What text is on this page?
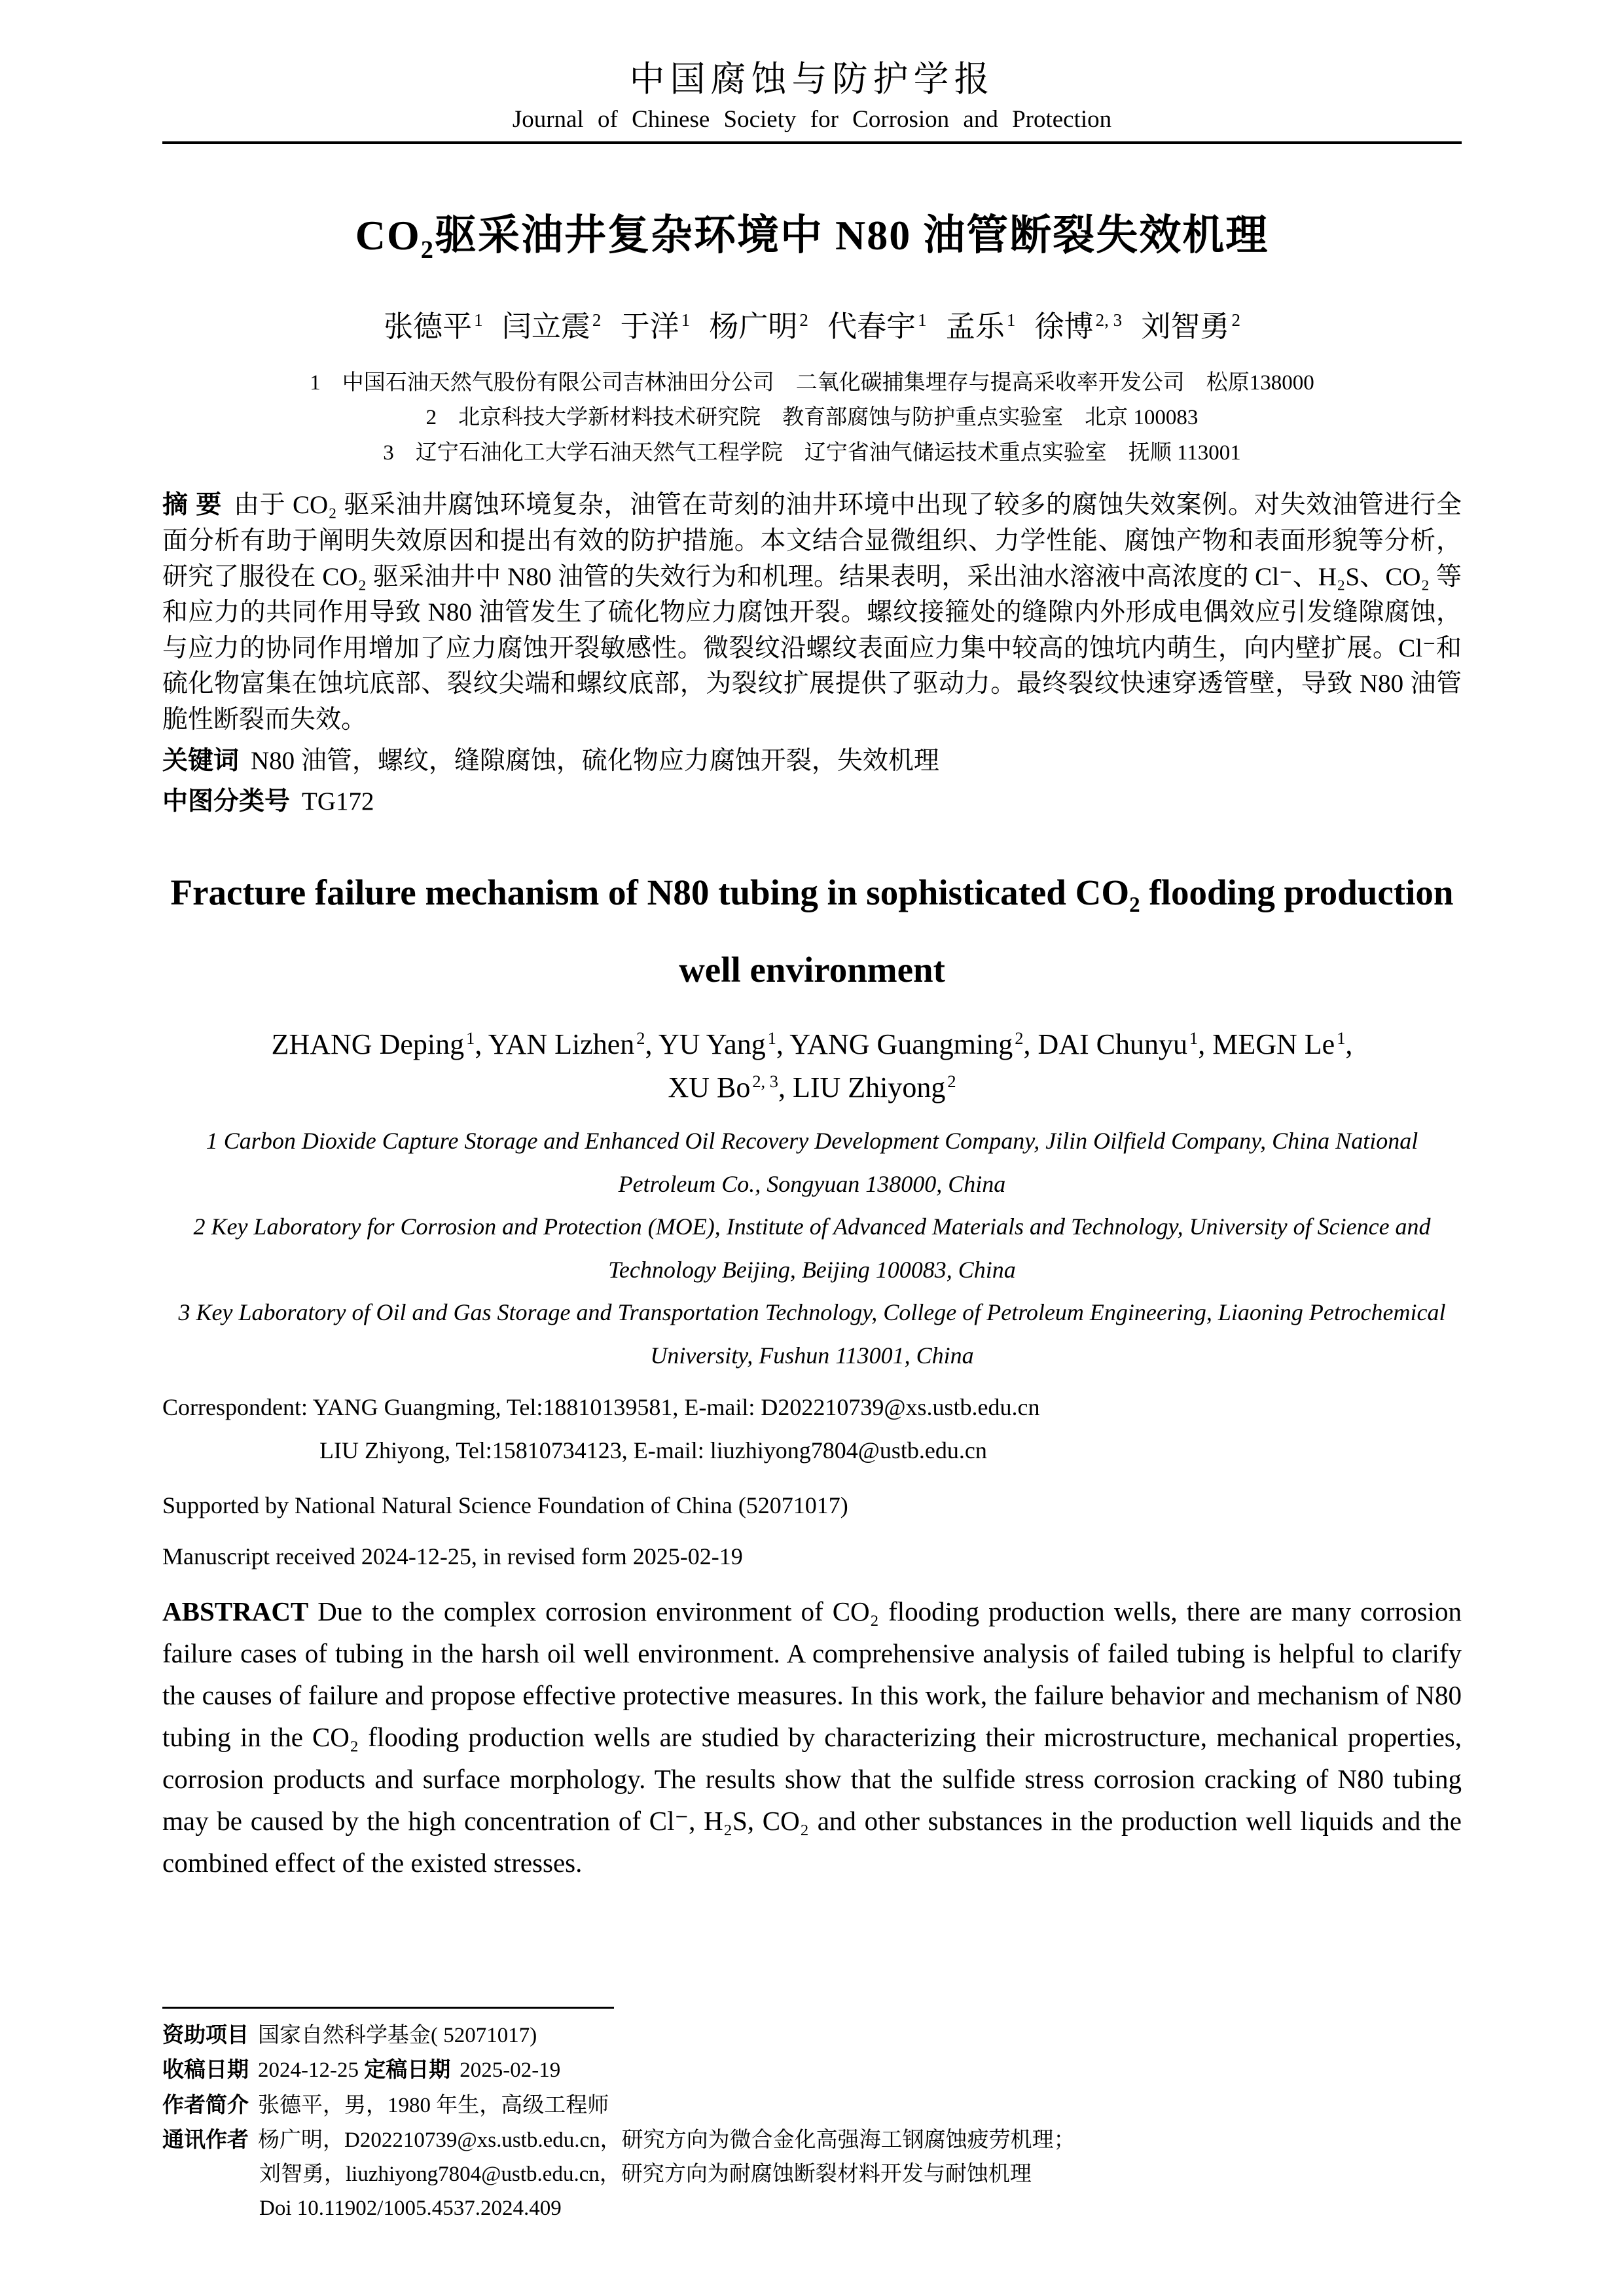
中国腐蚀与防护学报
Journal of Chinese Society for Corrosion and Protection
CO₂驱采油井复杂环境中 N80 油管断裂失效机理
张德平 $^1$ 闫立震 $^2$ 于洋 $^1$ 杨广明 $^2$ 代春宇 $^1$ 孟乐 $^1$ 徐博 $^{2, 3}$ 刘智勇 $^2$
1　中国石油天然气股份有限公司吉林油田分公司　二氧化碳捕集埋存与提高采收率开发公司　松原138000
2　北京科技大学新材料技术研究院　教育部腐蚀与防护重点实验室　北京 100083
3　辽宁石油化工大学石油天然气工程学院　辽宁省油气储运技术重点实验室　抚顺 113001

摘 要 由于 CO₂ 驱采油井腐蚀环境复杂，油管在苛刻的油井环境中出现了较多的腐蚀失效案例。对失效油管进行全面分析有助于阐明失效原因和提出有效的防护措施。本文结合显微组织、力学性能、腐蚀产物和表面形貌等分析，研究了服役在 CO₂ 驱采油井中 N80 油管的失效行为和机理。结果表明，采出油水溶液中高浓度的 Cl⁻、H₂S、CO₂ 等和应力的共同作用导致 N80 油管发生了硫化物应力腐蚀开裂。螺纹接箍处的缝隙内外形成电偶效应引发缝隙腐蚀，与应力的协同作用增加了应力腐蚀开裂敏感性。微裂纹沿螺纹表面应力集中较高的蚀坑内萌生，向内壁扩展。Cl⁻和硫化物富集在蚀坑底部、裂纹尖端和螺纹底部，为裂纹扩展提供了驱动力。最终裂纹快速穿透管壁，导致 N80 油管脆性断裂而失效。

关键词 N80 油管，螺纹，缝隙腐蚀，硫化物应力腐蚀开裂，失效机理

中图分类号 TG172

Fracture failure mechanism of N80 tubing in sophisticated CO₂ flooding production well environment
ZHANG Deping $^1$, YAN Lizhen $^2$, YU Yang $^1$, YANG Guangming $^2$, DAI Chunyu $^1$, MEGN Le $^1$, XU Bo $^{2, 3}$, LIU Zhiyong $^2$
1 Carbon Dioxide Capture Storage and Enhanced Oil Recovery Development Company, Jilin Oilfield Company, China National Petroleum Co., Songyuan 138000, China
2 Key Laboratory for Corrosion and Protection (MOE), Institute of Advanced Materials and Technology, University of Science and Technology Beijing, Beijing 100083, China
3 Key Laboratory of Oil and Gas Storage and Transportation Technology, College of Petroleum Engineering, Liaoning Petrochemical University, Fushun 113001, China
Correspondent: YANG Guangming, Tel:18810139581, E-mail: D202210739@xs.ustb.edu.cn
LIU Zhiyong, Tel:15810734123, E-mail: liuzhiyong7804@ustb.edu.cn
Supported by National Natural Science Foundation of China (52071017)
Manuscript received 2024-12-25, in revised form 2025-02-19

ABSTRACT Due to the complex corrosion environment of CO₂ flooding production wells, there are many corrosion failure cases of tubing in the harsh oil well environment. A comprehensive analysis of failed tubing is helpful to clarify the causes of failure and propose effective protective measures. In this work, the failure behavior and mechanism of N80 tubing in the CO₂ flooding production wells are studied by characterizing their microstructure, mechanical properties, corrosion products and surface morphology. The results show that the sulfide stress corrosion cracking of N80 tubing may be caused by the high concentration of Cl⁻, H₂S, CO₂ and other substances in the production well liquids and the combined effect of the existed stresses.

资助项目 国家自然科学基金( 52071017)
收稿日期 2024-12-25 定稿日期 2025-02-19
作者简介 张德平，男，1980 年生，高级工程师
通讯作者 杨广明，D202210739@xs.ustb.edu.cn，研究方向为微合金化高强海工钢腐蚀疲劳机理；
刘智勇，liuzhiyong7804@ustb.edu.cn，研究方向为耐腐蚀断裂材料开发与耐蚀机理
Doi 10.11902/1005.4537.2024.409
